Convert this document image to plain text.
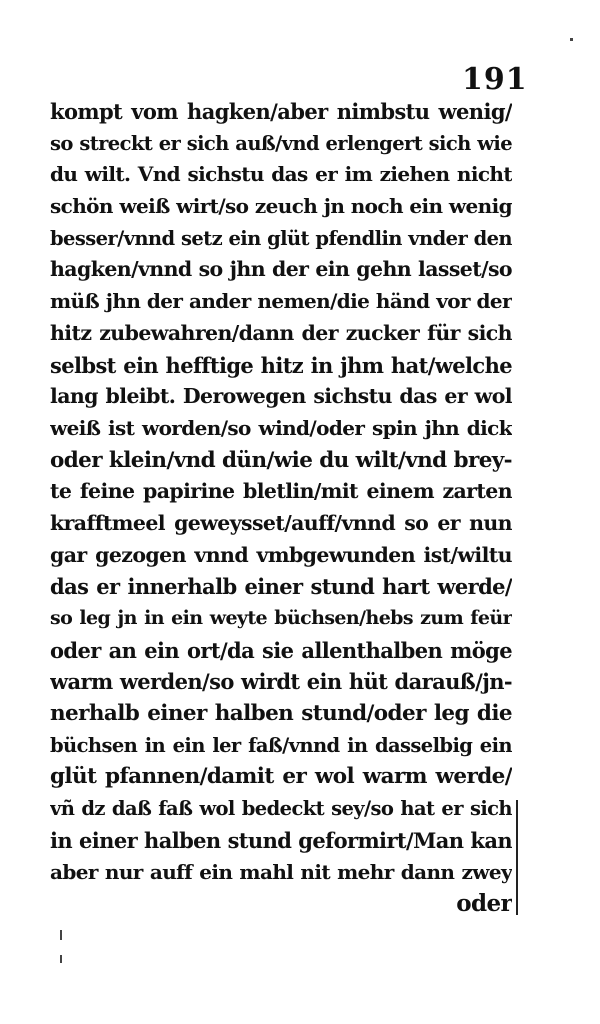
191
kompt vom hagken/aber nimbstu wenig/
so streckt er sich auß/vnd erlengert sich wie
du wilt. Vnd sichstu das er im ziehen nicht
schön weiß wirt/so zeuch jn noch ein wenig
besser/vnnd setz ein glüt pfendlin vnder den
hagken/vnnd so jhn der ein gehn lasset/so
müß jhn der ander nemen/die händ vor der
hitz zubewahren/dann der zucker für sich
selbst ein hefftige hitz in jhm hat/welche
lang bleibt. Derowegen sichstu das er wol
weiß ist worden/so wind/oder spin jhn dick
oder klein/vnd dün/wie du wilt/vnd brey-
te feine papirine bletlin/mit einem zarten
krafftmeel geweysset/auff/vnnd so er nun
gar gezogen vnnd vmbgewunden ist/wiltu
das er innerhalb einer stund hart werde/
so leg jn in ein weyte büchsen/hebs zum feür
oder an ein ort/da sie allenthalben möge
warm werden/so wirdt ein hüt darauß/jn-
nerhalb einer halben stund/oder leg die
büchsen in ein ler faß/vnnd in dasselbig ein
glüt pfannen/damit er wol warm werde/
vñ dz daß faß wol bedeckt sey/so hat er sich
in einer halben stund geformirt/Man kan
aber nur auff ein mahl nit mehr dann zwey
oder
